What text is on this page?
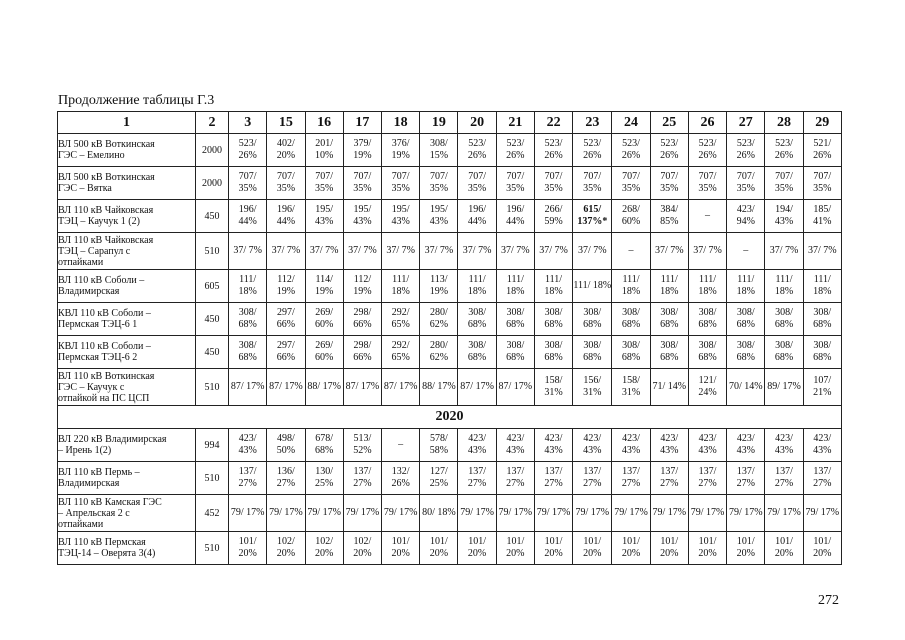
Продолжение таблицы Г.3
1	2	3	15	16	17	18	19	20	21	22	23	24	25	26	27	28	29

ВЛ 500 кВ Воткинская
ГЭС – Емелино	2000	523/ 26%	402/ 20%	201/ 10%	379/ 19%	376/ 19%	308/ 15%	523/ 26%	523/ 26%	523/ 26%	523/ 26%	523/ 26%	523/ 26%	523/ 26%	523/ 26%	523/ 26%	521/ 26%

ВЛ 500 кВ Воткинская
ГЭС – Вятка	2000	707/ 35%	707/ 35%	707/ 35%	707/ 35%	707/ 35%	707/ 35%	707/ 35%	707/ 35%	707/ 35%	707/ 35%	707/ 35%	707/ 35%	707/ 35%	707/ 35%	707/ 35%	707/ 35%

ВЛ 110 кВ Чайковская
ТЭЦ – Каучук 1 (2)	450	196/ 44%	196/ 44%	195/ 43%	195/ 43%	195/ 43%	195/ 43%	196/ 44%	196/ 44%	266/ 59%	615/ 137%*	268/ 60%	384/ 85%	–	423/ 94%	194/ 43%	185/ 41%

ВЛ 110 кВ Чайковская
ТЭЦ – Сарапул с
отпайками	510	37/ 7%	37/ 7%	37/ 7%	37/ 7%	37/ 7%	37/ 7%	37/ 7%	37/ 7%	37/ 7%	37/ 7%	–	37/ 7%	37/ 7%	–	37/ 7%	37/ 7%

ВЛ 110 кВ Соболи –
Владимирская	605	111/ 18%	112/ 19%	114/ 19%	112/ 19%	111/ 18%	113/ 19%	111/ 18%	111/ 18%	111/ 18%	111/ 18%	111/ 18%	111/ 18%	111/ 18%	111/ 18%	111/ 18%	111/ 18%

КВЛ 110 кВ Соболи –
Пермская ТЭЦ-6 1	450	308/ 68%	297/ 66%	269/ 60%	298/ 66%	292/ 65%	280/ 62%	308/ 68%	308/ 68%	308/ 68%	308/ 68%	308/ 68%	308/ 68%	308/ 68%	308/ 68%	308/ 68%	308/ 68%

КВЛ 110 кВ Соболи –
Пермская ТЭЦ-6 2	450	308/ 68%	297/ 66%	269/ 60%	298/ 66%	292/ 65%	280/ 62%	308/ 68%	308/ 68%	308/ 68%	308/ 68%	308/ 68%	308/ 68%	308/ 68%	308/ 68%	308/ 68%	308/ 68%

ВЛ 110 кВ Воткинская
ГЭС – Каучук с
отпайкой на ПС ЦСП	510	87/ 17%	87/ 17%	88/ 17%	87/ 17%	87/ 17%	88/ 17%	87/ 17%	87/ 17%	158/ 31%	156/ 31%	158/ 31%	71/ 14%	121/ 24%	70/ 14%	89/ 17%	107/ 21%
2020																	

ВЛ 220 кВ Владимирская
– Ирень 1(2)	994	423/ 43%	498/ 50%	678/ 68%	513/ 52%	–	578/ 58%	423/ 43%	423/ 43%	423/ 43%	423/ 43%	423/ 43%	423/ 43%	423/ 43%	423/ 43%	423/ 43%	423/ 43%

ВЛ 110 кВ Пермь –
Владимирская	510	137/ 27%	136/ 27%	130/ 25%	137/ 27%	132/ 26%	127/ 25%	137/ 27%	137/ 27%	137/ 27%	137/ 27%	137/ 27%	137/ 27%	137/ 27%	137/ 27%	137/ 27%	137/ 27%

ВЛ 110 кВ Камская ГЭС
– Апрельская 2 с
отпайками	452	79/ 17%	79/ 17%	79/ 17%	79/ 17%	79/ 17%	80/ 18%	79/ 17%	79/ 17%	79/ 17%	79/ 17%	79/ 17%	79/ 17%	79/ 17%	79/ 17%	79/ 17%	79/ 17%

ВЛ 110 кВ Пермская
ТЭЦ-14 – Оверята 3(4)	510	101/ 20%	102/ 20%	102/ 20%	102/ 20%	101/ 20%	101/ 20%	101/ 20%	101/ 20%	101/ 20%	101/ 20%	101/ 20%	101/ 20%	101/ 20%	101/ 20%	101/ 20%	101/ 20%
272
